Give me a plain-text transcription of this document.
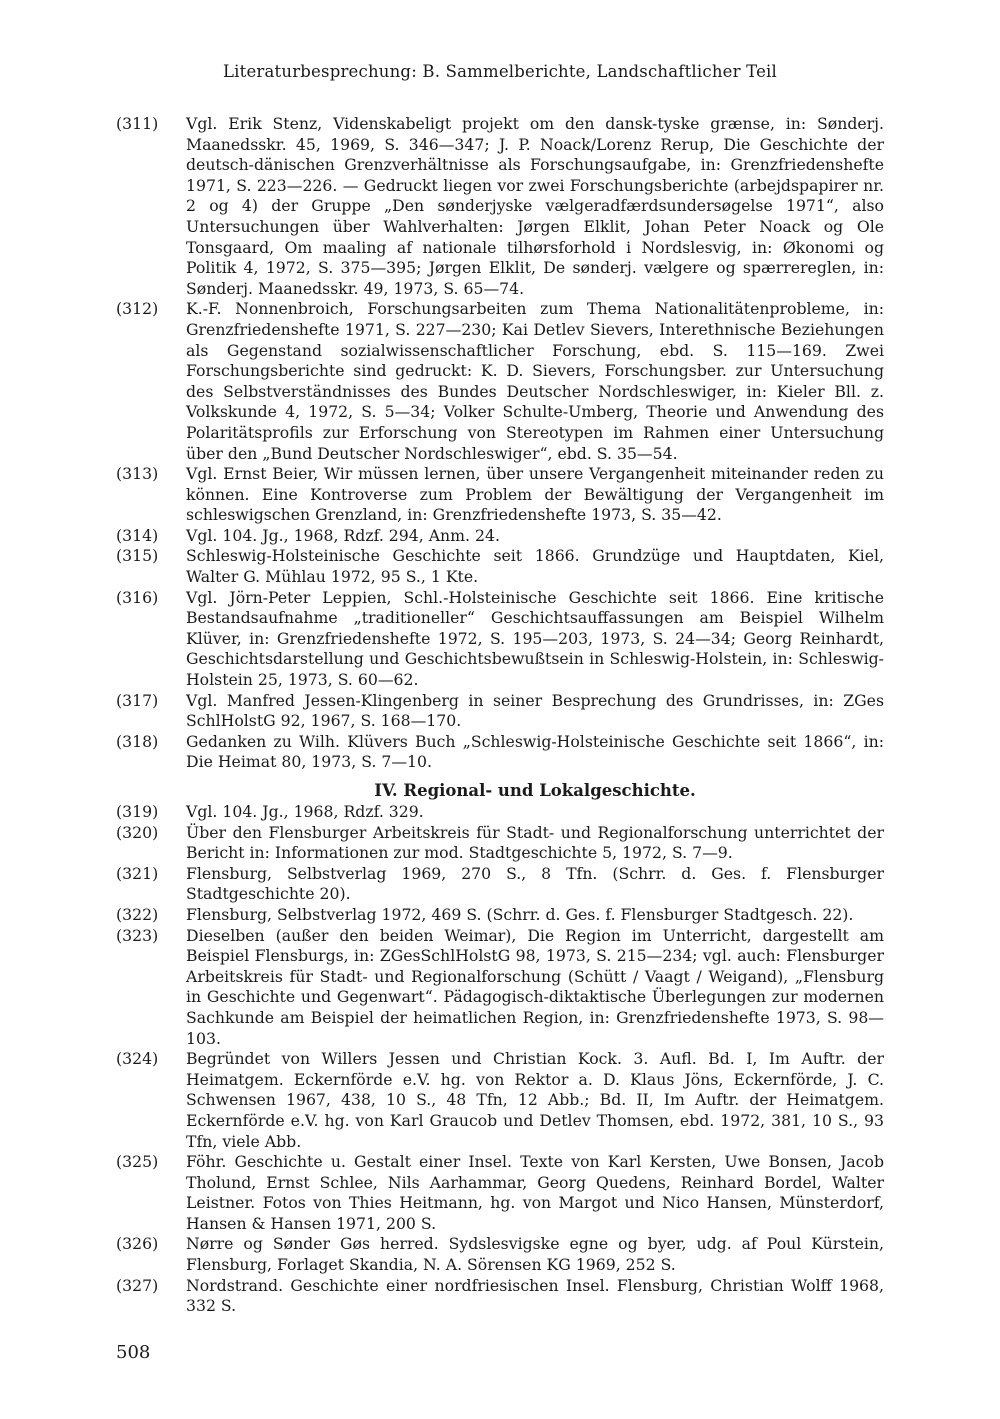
Literaturbesprechung: B. Sammelberichte, Landschaftlicher Teil
(311)	Vgl. Erik Stenz, Videnskabeligt projekt om den dansk-tyske grænse, in: Sønderj. Maanedsskr. 45, 1969, S. 346—347; J. P. Noack/Lorenz Rerup, Die Geschichte der deutsch-dänischen Grenzverhältnisse als Forschungsaufgabe, in: Grenzfriedenshefte 1971, S. 223—226. — Gedruckt liegen vor zwei Forschungsberichte (arbejdspapirer nr. 2 og 4) der Gruppe „Den sønderjyske vælgeradfærdsundersøgelse 1971“, also Untersuchungen über Wahlverhalten: Jørgen Elklit, Johan Peter Noack og Ole Tonsgaard, Om maaling af nationale tilhørsforhold i Nordslesvig, in: Økonomi og Politik 4, 1972, S. 375—395; Jørgen Elklit, De sønderj. vælgere og spærrereglen, in: Sønderj. Maanedsskr. 49, 1973, S. 65—74.
(312)	K.-F. Nonnenbroich, Forschungsarbeiten zum Thema Nationalitätenprobleme, in: Grenzfriedenshefte 1971, S. 227—230; Kai Detlev Sievers, Interethnische Beziehungen als Gegenstand sozialwissenschaftlicher Forschung, ebd. S. 115—169. Zwei Forschungsberichte sind gedruckt: K. D. Sievers, Forschungsber. zur Untersuchung des Selbstverständnisses des Bundes Deutscher Nordschleswiger, in: Kieler Bll. z. Volkskunde 4, 1972, S. 5—34; Volker Schulte-Umberg, Theorie und Anwendung des Polaritätsprofils zur Erforschung von Stereotypen im Rahmen einer Untersuchung über den „Bund Deutscher Nordschleswiger“, ebd. S. 35—54.
(313)	Vgl. Ernst Beier, Wir müssen lernen, über unsere Vergangenheit miteinander reden zu können. Eine Kontroverse zum Problem der Bewältigung der Vergangenheit im schleswigschen Grenzland, in: Grenzfriedenshefte 1973, S. 35—42.
(314)	Vgl. 104. Jg., 1968, Rdzf. 294, Anm. 24.
(315)	Schleswig-Holsteinische Geschichte seit 1866. Grundzüge und Hauptdaten, Kiel, Walter G. Mühlau 1972, 95 S., 1 Kte.
(316)	Vgl. Jörn-Peter Leppien, Schl.-Holsteinische Geschichte seit 1866. Eine kritische Bestandsaufnahme „traditioneller“ Geschichtsauffassungen am Beispiel Wilhelm Klüver, in: Grenzfriedenshefte 1972, S. 195—203, 1973, S. 24—34; Georg Reinhardt, Geschichtsdarstellung und Geschichtsbewußtsein in Schleswig-Holstein, in: Schleswig-Holstein 25, 1973, S. 60—62.
(317)	Vgl. Manfred Jessen-Klingenberg in seiner Besprechung des Grundrisses, in: ZGes SchlHolstG 92, 1967, S. 168—170.
(318)	Gedanken zu Wilh. Klüvers Buch „Schleswig-Holsteinische Geschichte seit 1866“, in: Die Heimat 80, 1973, S. 7—10.
IV. Regional- und Lokalgeschichte.
(319)	Vgl. 104. Jg., 1968, Rdzf. 329.
(320)	Über den Flensburger Arbeitskreis für Stadt- und Regionalforschung unterrichtet der Bericht in: Informationen zur mod. Stadtgeschichte 5, 1972, S. 7—9.
(321)	Flensburg, Selbstverlag 1969, 270 S., 8 Tfn. (Schrr. d. Ges. f. Flensburger Stadtgeschichte 20).
(322)	Flensburg, Selbstverlag 1972, 469 S. (Schrr. d. Ges. f. Flensburger Stadtgesch. 22).
(323)	Dieselben (außer den beiden Weimar), Die Region im Unterricht, dargestellt am Beispiel Flensburgs, in: ZGesSchlHolstG 98, 1973, S. 215—234; vgl. auch: Flensburger Arbeitskreis für Stadt- und Regionalforschung (Schütt / Vaagt / Weigand), „Flensburg in Geschichte und Gegenwart“. Pädagogisch-diktaktische Überlegungen zur modernen Sachkunde am Beispiel der heimatlichen Region, in: Grenzfriedenshefte 1973, S. 98—103.
(324)	Begründet von Willers Jessen und Christian Kock. 3. Aufl. Bd. I, Im Auftr. der Heimatgem. Eckernförde e.V. hg. von Rektor a. D. Klaus Jöns, Eckernförde, J. C. Schwensen 1967, 438, 10 S., 48 Tfn, 12 Abb.; Bd. II, Im Auftr. der Heimatgem. Eckernförde e.V. hg. von Karl Graucob und Detlev Thomsen, ebd. 1972, 381, 10 S., 93 Tfn, viele Abb.
(325)	Föhr. Geschichte u. Gestalt einer Insel. Texte von Karl Kersten, Uwe Bonsen, Jacob Tholund, Ernst Schlee, Nils Aarhammar, Georg Quedens, Reinhard Bordel, Walter Leistner. Fotos von Thies Heitmann, hg. von Margot und Nico Hansen, Münsterdorf, Hansen & Hansen 1971, 200 S.
(326)	Nørre og Sønder Gøs herred. Sydslesvigske egne og byer, udg. af Poul Kürstein, Flensburg, Forlaget Skandia, N. A. Sörensen KG 1969, 252 S.
(327)	Nordstrand. Geschichte einer nordfriesischen Insel. Flensburg, Christian Wolff 1968, 332 S.
508
